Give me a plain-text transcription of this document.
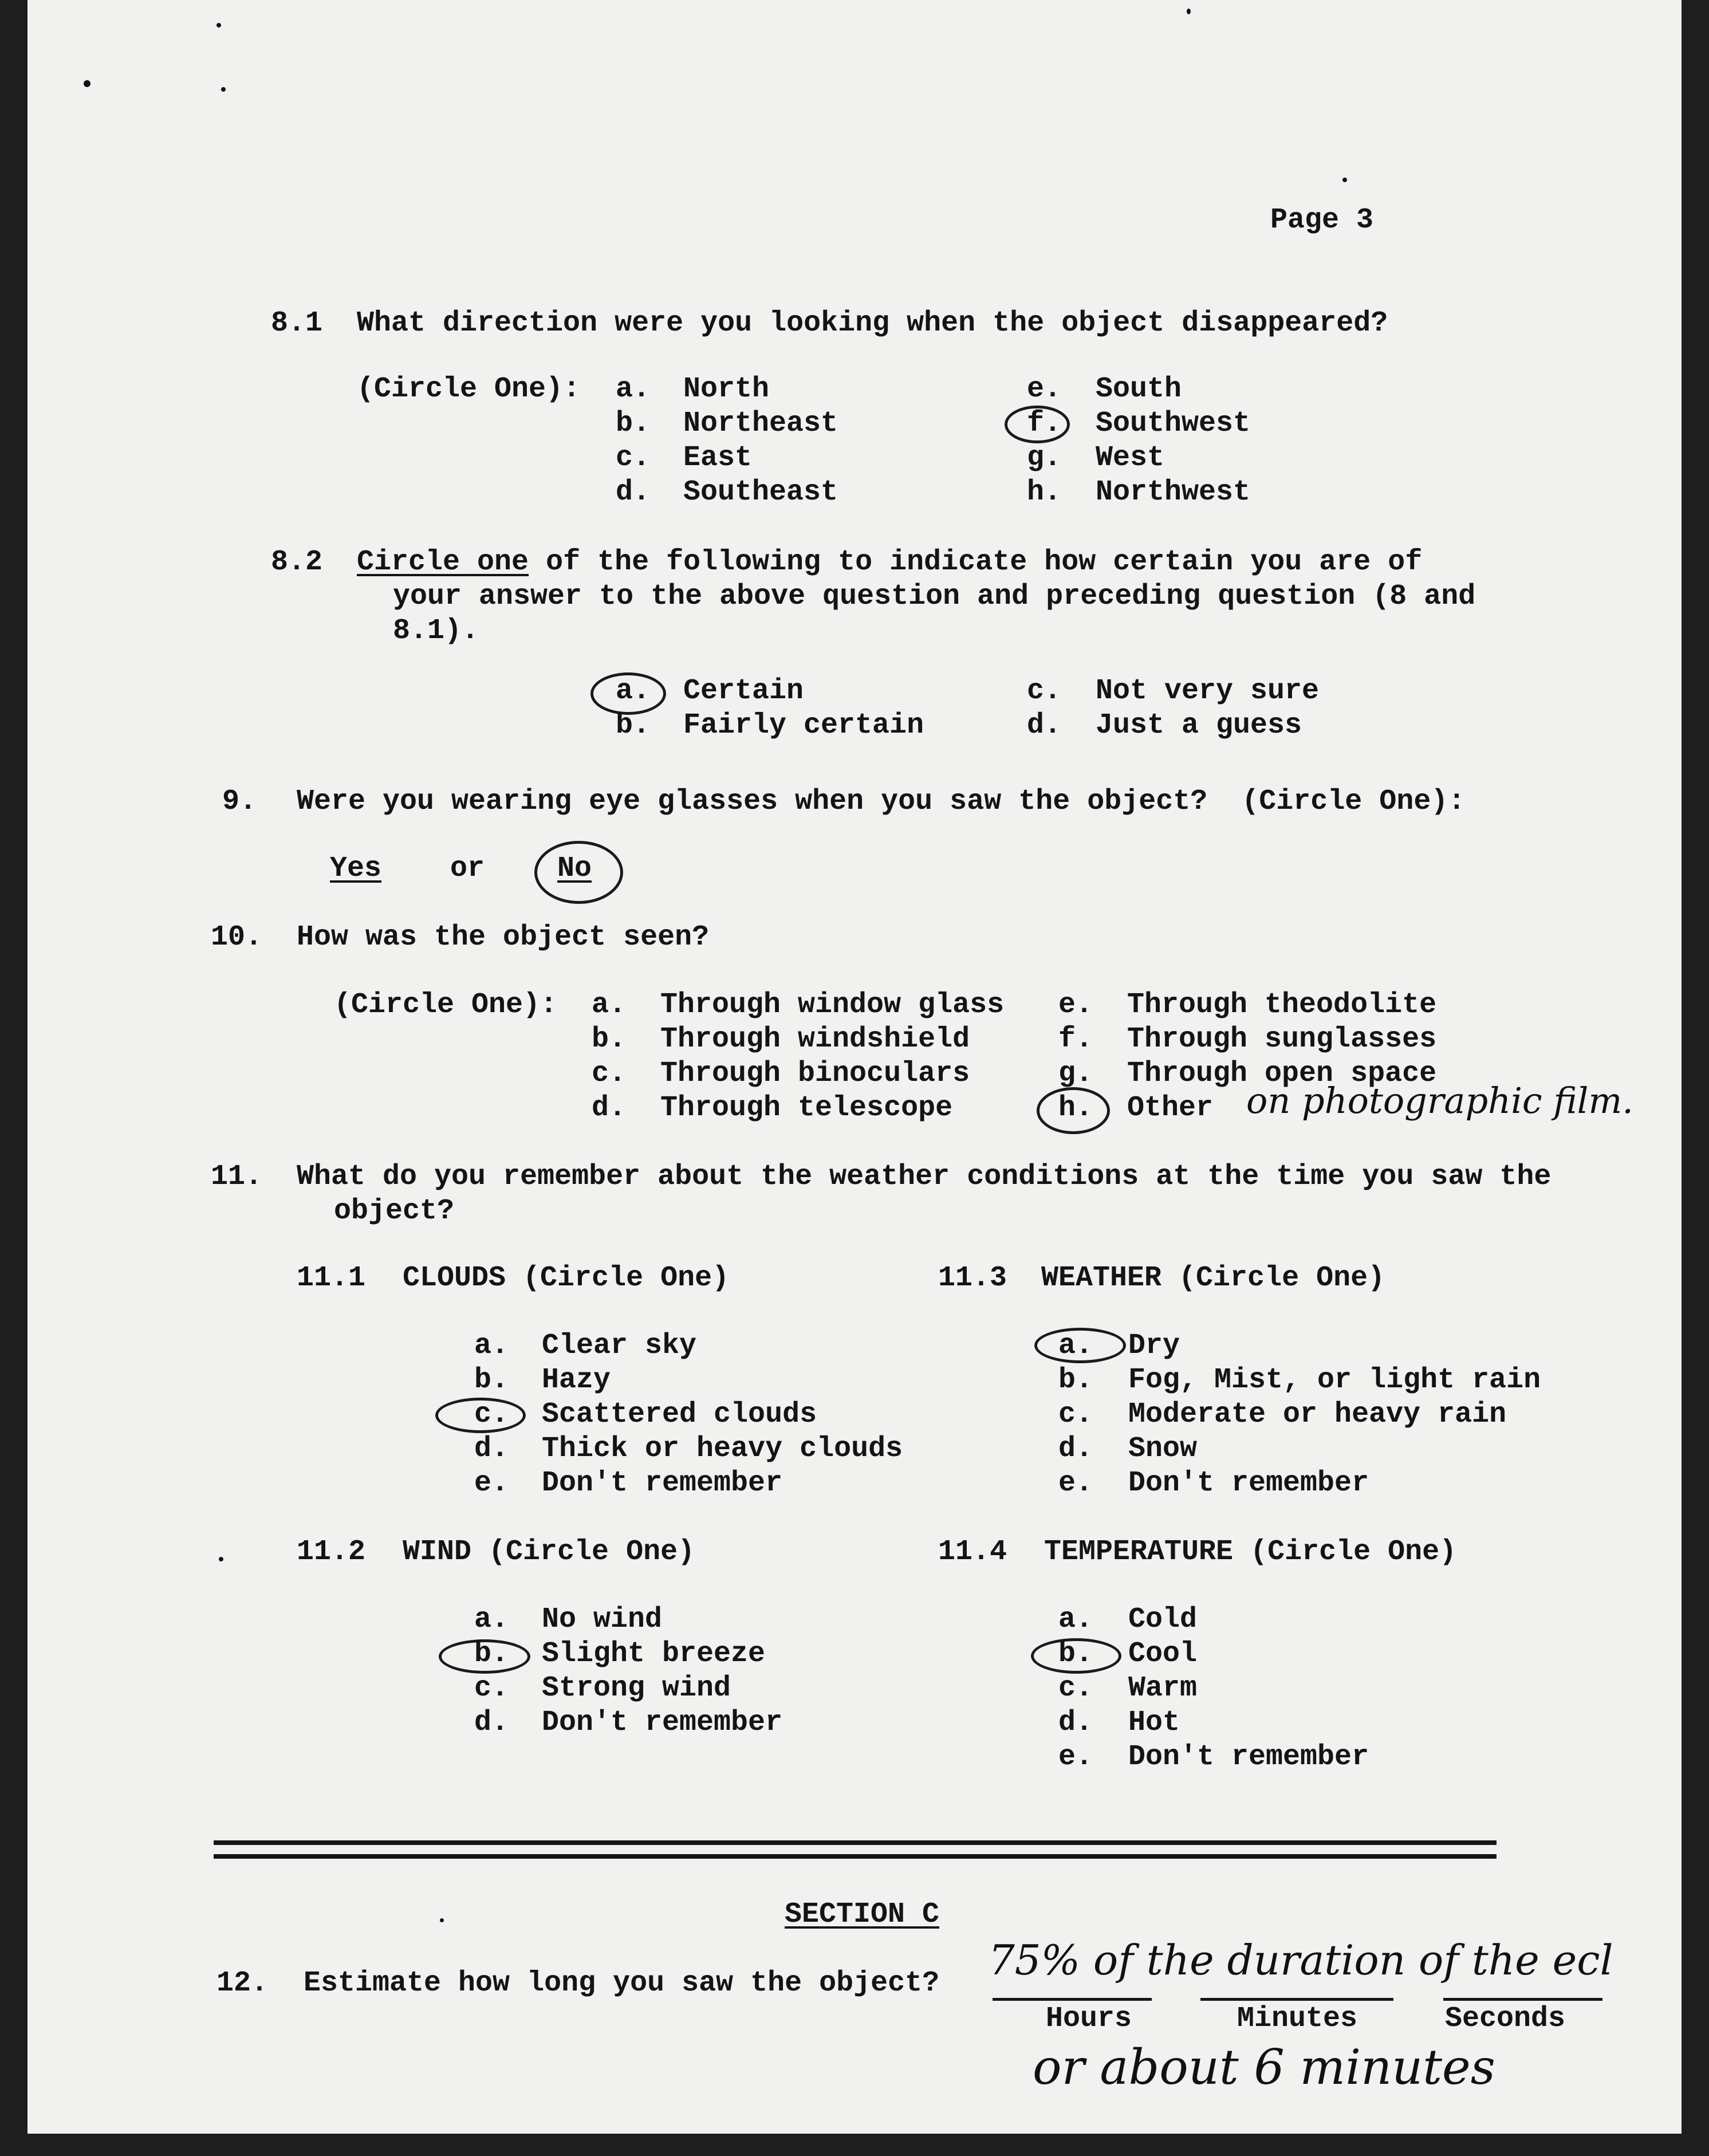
Page 3
8.1 What direction were you looking when the object disappeared?
(Circle One): a. North
b. Northeast
c. East
d. Southeast
e. South
f. Southwest
g. West
h. Northwest
8.2 Circle one of the following to indicate how certain you are of
your answer to the above question and preceding question (8 and
8.1).
a. Certain
b. Fairly certain
c. Not very sure
d. Just a guess
9. Were you wearing eye glasses when you saw the object?  (Circle One):
Yes or	No
10. How was the object seen?
(Circle One): a. Through window glass
b. Through windshield
c. Through binoculars
d. Through telescope
e. Through theodolite
f. Through sunglasses
g. Through open space
h. Other on photographic film.
11. What do you remember about the weather conditions at the time you saw the
object?
11.1 CLOUDS (Circle One)
a. Clear sky
b. Hazy
c. Scattered clouds
d. Thick or heavy clouds
e. Don't remember
11.3 WEATHER (Circle One)
a. Dry
b. Fog, Mist, or light rain
c. Moderate or heavy rain
d. Snow
e. Don't remember
11.2 WIND (Circle One)
a. No wind
b. Slight breeze
c. Strong wind
d. Don't remember
11.4 TEMPERATURE (Circle One)
a. Cold
b. Cool
c. Warm
d. Hot
e. Don't remember
SECTION C
12. Estimate how long you saw the object? 75% of the duration of the ecl
Hours	Minutes	Seconds
or about 6 minutes
